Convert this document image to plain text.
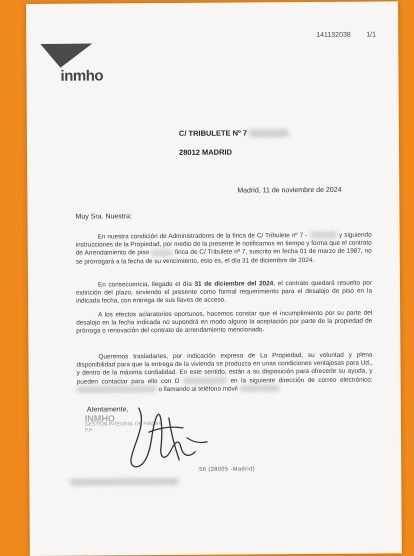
141132038 1/1
inmho
C/ TRIBULETE Nº 7
28012 MADRID
Madrid, 11 de noviembre de 2024
Muy Sra. Nuestra:

En nuestra condición de Administradores de la finca de C/ Tribulete nº 7 -	y siguiendo instrucciones de la Propiedad, por medio de la presente le notificamos en tiempo y forma que el contrato de Arrendamiento de piso	finca de C/ Tribulete nº 7, suscrito en fecha 01 de marzo de 1987, no se prorrogará a la fecha de su vencimiento, esto es, el día 31 de diciembre de 2024.

En consecuencia, llegado el día 31 de diciembre del 2024, el contrato quedará resuelto por extinción del plazo, sirviendo el presente como formal requerimiento para el desalojo de piso en la indicada fecha, con entrega de sus llaves de acceso.

A los efectos aclaratorios oportunos, hacemos constar que el incumplimiento por su parte del desalojo en la fecha indicada no supondrá en modo alguno la aceptación por parte de la propiedad de prórroga o renovación del contrato de arrendamiento mencionado.

Queremos trasladarles, por indicación expresa de La Propiedad, su voluntad y plena disponibilidad para que la entrega de la vivienda se produzca en unas condiciones ventajosas para Ud., y dentro de la máxima cordialidad. En este sentido, están a su disposición para ofrecerle su ayuda, y pueden contactar para ello con D	en la siguiente dirección de correo electrónico:  o llamando al teléfono móvil

Atentamente,
INMHO
GESTIÓN INTEGRAL DE FINCAS
P.P.
56 (28005 -Madrid)
